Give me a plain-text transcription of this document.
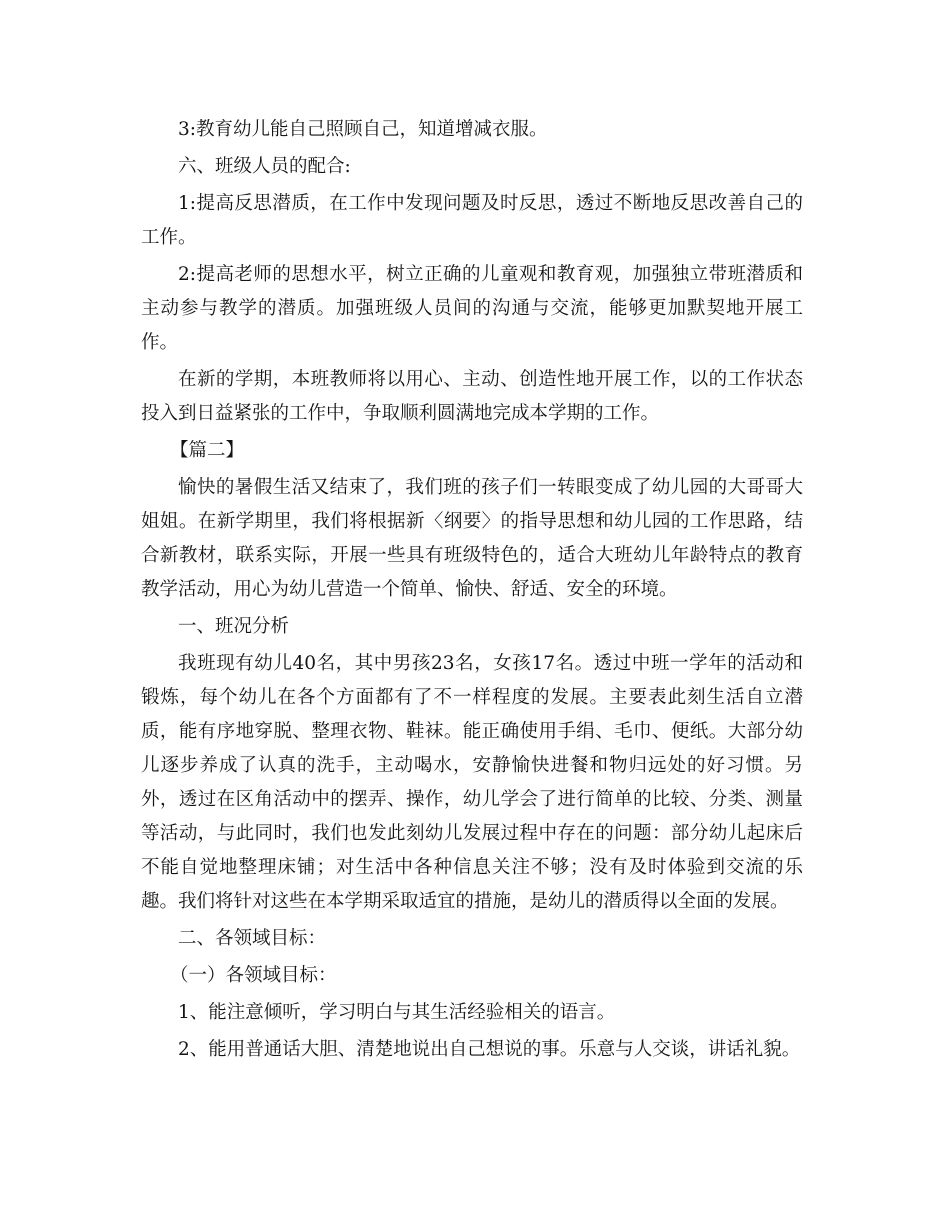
3:教育幼儿能自己照顾自己，知道增减衣服。

六、班级人员的配合:

1:提高反思潜质，在工作中发现问题及时反思，透过不断地反思改善自己的工作。

2:提高老师的思想水平，树立正确的儿童观和教育观，加强独立带班潜质和主动参与教学的潜质。加强班级人员间的沟通与交流，能够更加默契地开展工作。

在新的学期，本班教师将以用心、主动、创造性地开展工作，以的工作状态投入到日益紧张的工作中，争取顺利圆满地完成本学期的工作。

【篇二】

愉快的暑假生活又结束了，我们班的孩子们一转眼变成了幼儿园的大哥哥大姐姐。在新学期里，我们将根据新〈纲要〉的指导思想和幼儿园的工作思路，结合新教材，联系实际，开展一些具有班级特色的，适合大班幼儿年龄特点的教育教学活动，用心为幼儿营造一个简单、愉快、舒适、安全的环境。

一、班况分析

我班现有幼儿40名，其中男孩23名，女孩17名。透过中班一学年的活动和锻炼，每个幼儿在各个方面都有了不一样程度的发展。主要表此刻生活自立潜质，能有序地穿脱、整理衣物、鞋袜。能正确使用手绢、毛巾、便纸。大部分幼儿逐步养成了认真的洗手，主动喝水，安静愉快进餐和物归远处的好习惯。另外，透过在区角活动中的摆弄、操作，幼儿学会了进行简单的比较、分类、测量等活动，与此同时，我们也发此刻幼儿发展过程中存在的问题：部分幼儿起床后不能自觉地整理床铺；对生活中各种信息关注不够；没有及时体验到交流的乐趣。我们将针对这些在本学期采取适宜的措施，是幼儿的潜质得以全面的发展。

二、各领域目标：

（一）各领域目标：

1、能注意倾听，学习明白与其生活经验相关的语言。

2、能用普通话大胆、清楚地说出自己想说的事。乐意与人交谈，讲话礼貌。
